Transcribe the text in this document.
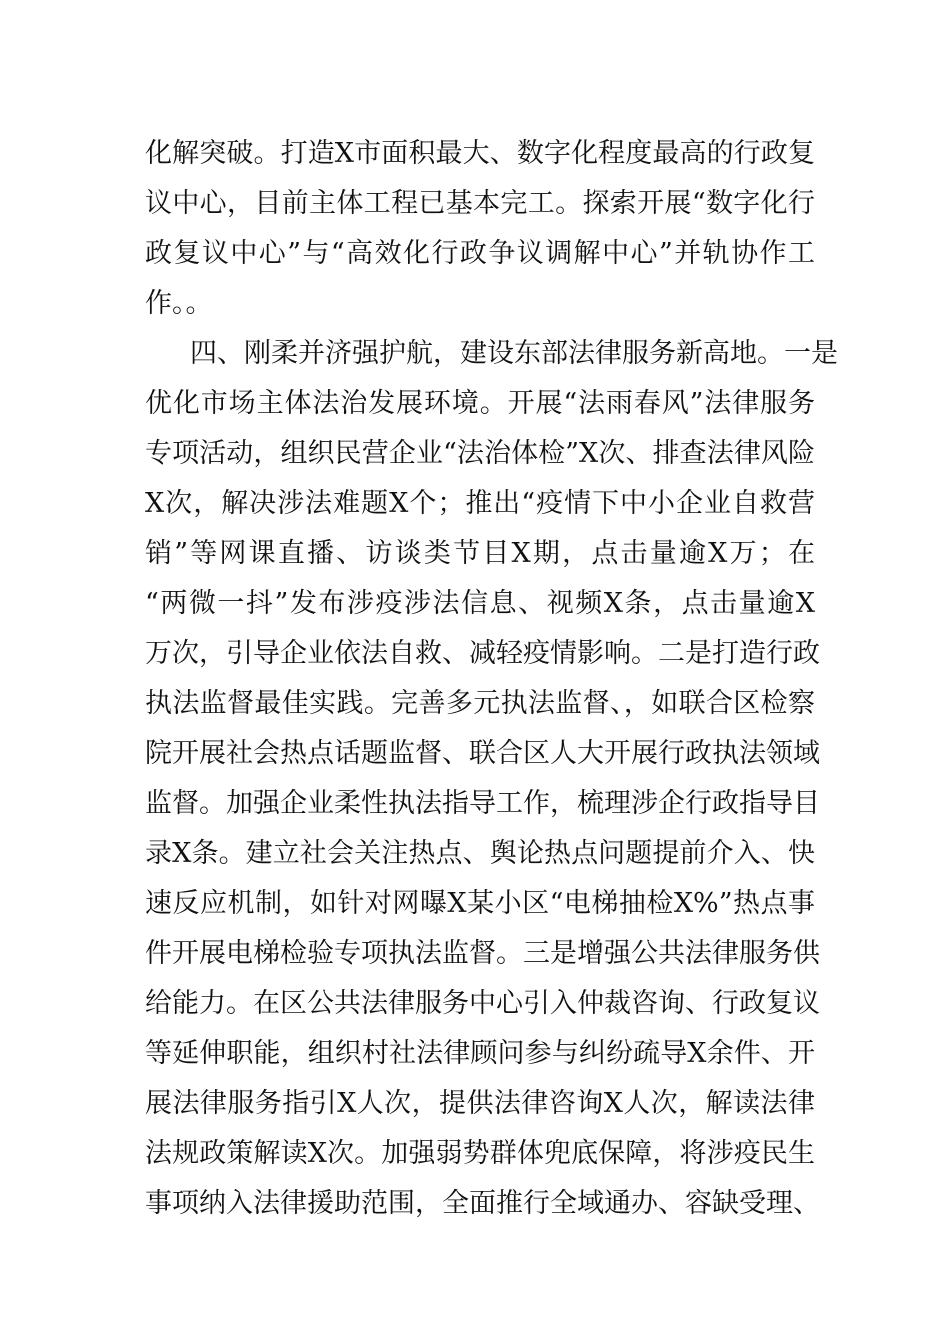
化解突破。打造X市面积最大、数字化程度最高的行政复
议中心，目前主体工程已基本完工。探索开展“数字化行
政复议中心”与“高效化行政争议调解中心”并轨协作工
作。。
四、刚柔并济强护航，建设东部法律服务新高地。一是
优化市场主体法治发展环境。开展“法雨春风”法律服务
专项活动，组织民营企业“法治体检”X次、排查法律风险
X次，解决涉法难题X个；推出“疫情下中小企业自救营
销”等网课直播、访谈类节目X期，点击量逾X万；在
“两微一抖”发布涉疫涉法信息、视频X条，点击量逾X
万次，引导企业依法自救、减轻疫情影响。二是打造行政
执法监督最佳实践。完善多元执法监督、，如联合区检察
院开展社会热点话题监督、联合区人大开展行政执法领域
监督。加强企业柔性执法指导工作，梳理涉企行政指导目
录X条。建立社会关注热点、舆论热点问题提前介入、快
速反应机制，如针对网曝X某小区“电梯抽检X%”热点事
件开展电梯检验专项执法监督。三是增强公共法律服务供
给能力。在区公共法律服务中心引入仲裁咨询、行政复议
等延伸职能，组织村社法律顾问参与纠纷疏导X余件、开
展法律服务指引X人次，提供法律咨询X人次，解读法律
法规政策解读X次。加强弱势群体兜底保障，将涉疫民生
事项纳入法律援助范围，全面推行全域通办、容缺受理、
